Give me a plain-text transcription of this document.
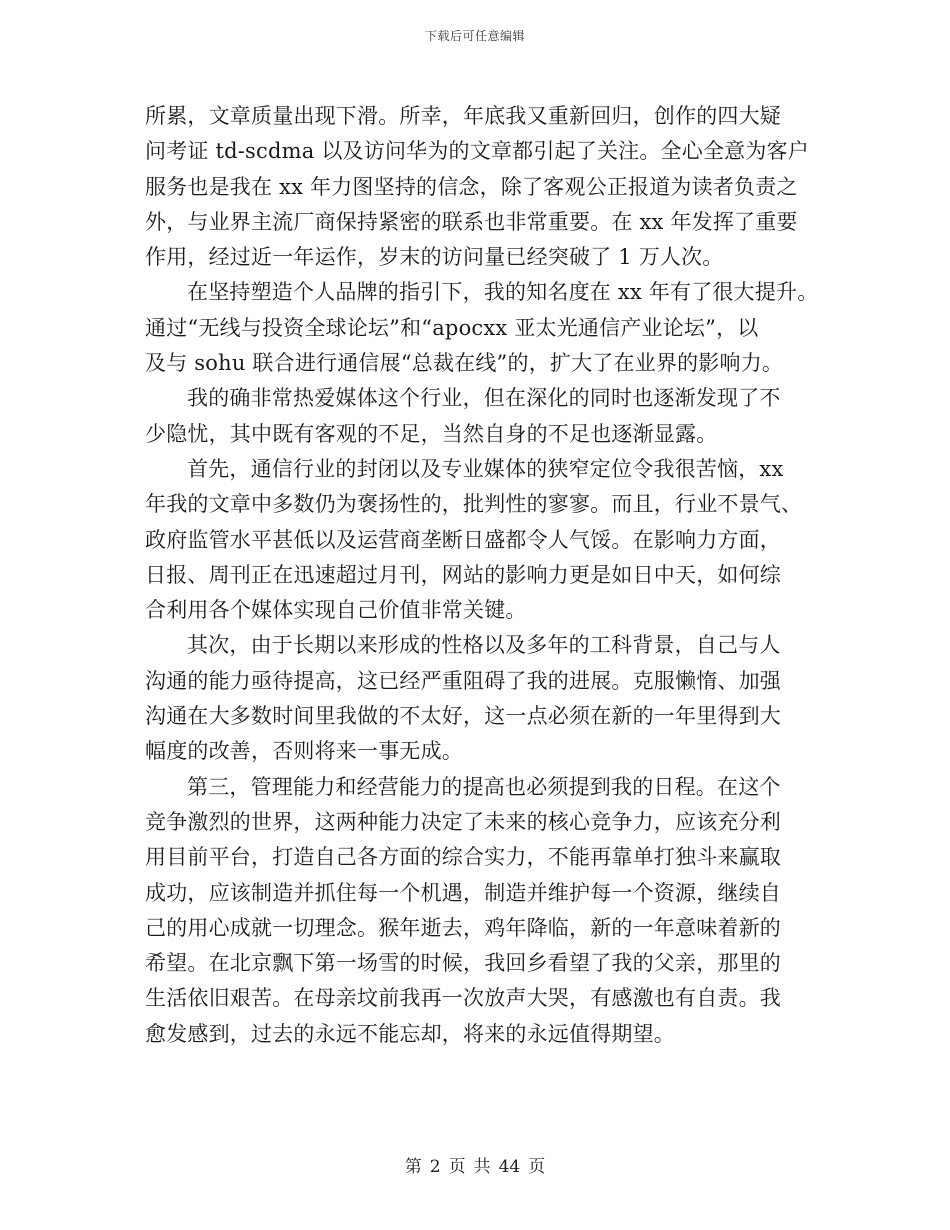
下载后可任意编辑
所累，文章质量出现下滑。所幸，年底我又重新回归，创作的四大疑
问考证 td-scdma 以及访问华为的文章都引起了关注。全心全意为客户
服务也是我在 xx 年力图坚持的信念，除了客观公正报道为读者负责之
外，与业界主流厂商保持紧密的联系也非常重要。在 xx 年发挥了重要
作用，经过近一年运作，岁末的访问量已经突破了 1 万人次。
在坚持塑造个人品牌的指引下，我的知名度在 xx 年有了很大提升。
通过“无线与投资全球论坛”和“apocxx 亚太光通信产业论坛”，以
及与 sohu 联合进行通信展“总裁在线”的，扩大了在业界的影响力。
我的确非常热爱媒体这个行业，但在深化的同时也逐渐发现了不
少隐忧，其中既有客观的不足，当然自身的不足也逐渐显露。
首先，通信行业的封闭以及专业媒体的狭窄定位令我很苦恼，xx
年我的文章中多数仍为褒扬性的，批判性的寥寥。而且，行业不景气、
政府监管水平甚低以及运营商垄断日盛都令人气馁。在影响力方面，
日报、周刊正在迅速超过月刊，网站的影响力更是如日中天，如何综
合利用各个媒体实现自己价值非常关键。
其次，由于长期以来形成的性格以及多年的工科背景，自己与人
沟通的能力亟待提高，这已经严重阻碍了我的进展。克服懒惰、加强
沟通在大多数时间里我做的不太好，这一点必须在新的一年里得到大
幅度的改善，否则将来一事无成。
第三，管理能力和经营能力的提高也必须提到我的日程。在这个
竞争激烈的世界，这两种能力决定了未来的核心竞争力，应该充分利
用目前平台，打造自己各方面的综合实力，不能再靠单打独斗来赢取
成功，应该制造并抓住每一个机遇，制造并维护每一个资源，继续自
己的用心成就一切理念。猴年逝去，鸡年降临，新的一年意味着新的
希望。在北京飘下第一场雪的时候，我回乡看望了我的父亲，那里的
生活依旧艰苦。在母亲坟前我再一次放声大哭，有感激也有自责。我
愈发感到，过去的永远不能忘却，将来的永远值得期望。
第 2 页 共 44 页
